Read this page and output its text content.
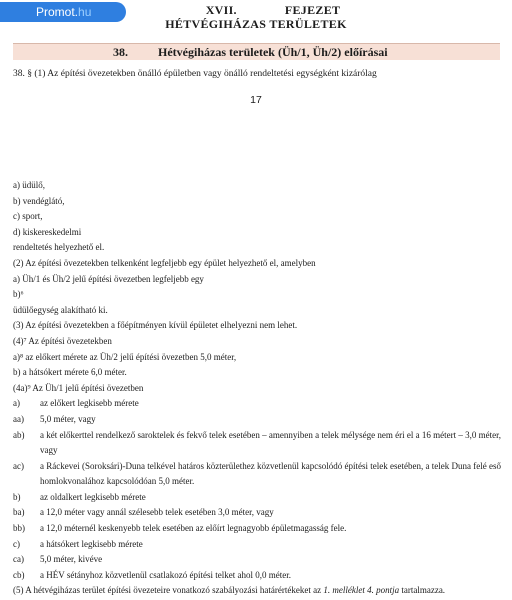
Promot.hu	XVII.	FEJEZET
HÉTVÉGIHÁZAS TERÜLETEK
38.	Hétvégiházas területek (Üh/1, Üh/2) előírásai
38. § (1) Az építési övezetekben önálló épületben vagy önálló rendeltetési egységként kizárólag
17
a) üdülő,
b) vendéglátó,
c) sport,
d) kiskereskedelmi
rendeltetés helyezhető el.
(2) Az építési övezetekben telkenként legfeljebb egy épület helyezhető el, amelyben
a) Üh/1 és Üh/2 jelű építési övezetben legfeljebb egy
b)⁶
üdülőegység alakítható ki.
(3) Az építési övezetekben a főépítményen kívül épületet elhelyezni nem lehet.
(4)⁷ Az építési övezetekben
a)⁸ az előkert mérete az Üh/2 jelű építési övezetben 5,0 méter,
b) a hátsókert mérete 6,0 méter.
(4a)⁹ Az Üh/1 jelű építési övezetben
a)	az előkert legkisebb mérete
aa)	5,0 méter, vagy
ab)	a két előkerttel rendelkező saroktelek és fekvő telek esetében – amennyiben a telek mélysége nem éri el a 16 métert – 3,0 méter, vagy
ac)	a Ráckevei (Soroksári)-Duna telkével határos közterülethez közvetlenül kapcsolódó építési telek esetében, a telek Duna felé eső homlokvonalához kapcsolódóan 5,0 méter.
b)	az oldalkert legkisebb mérete
ba)	a 12,0 méter vagy annál szélesebb telek esetében 3,0 méter, vagy
bb)	a 12,0 méternél keskenyebb telek esetében az előírt legnagyobb épületmagasság fele.
c)	a hátsókert legkisebb mérete
ca)	5,0 méter, kivéve
cb)	a HÉV sétányhoz közvetlenül csatlakozó építési telket ahol 0,0 méter.
(5) A hétvégiházas terület építési övezeteire vonatkozó szabályozási határértékeket az 1. melléklet 4. pontja tartalmazza.
